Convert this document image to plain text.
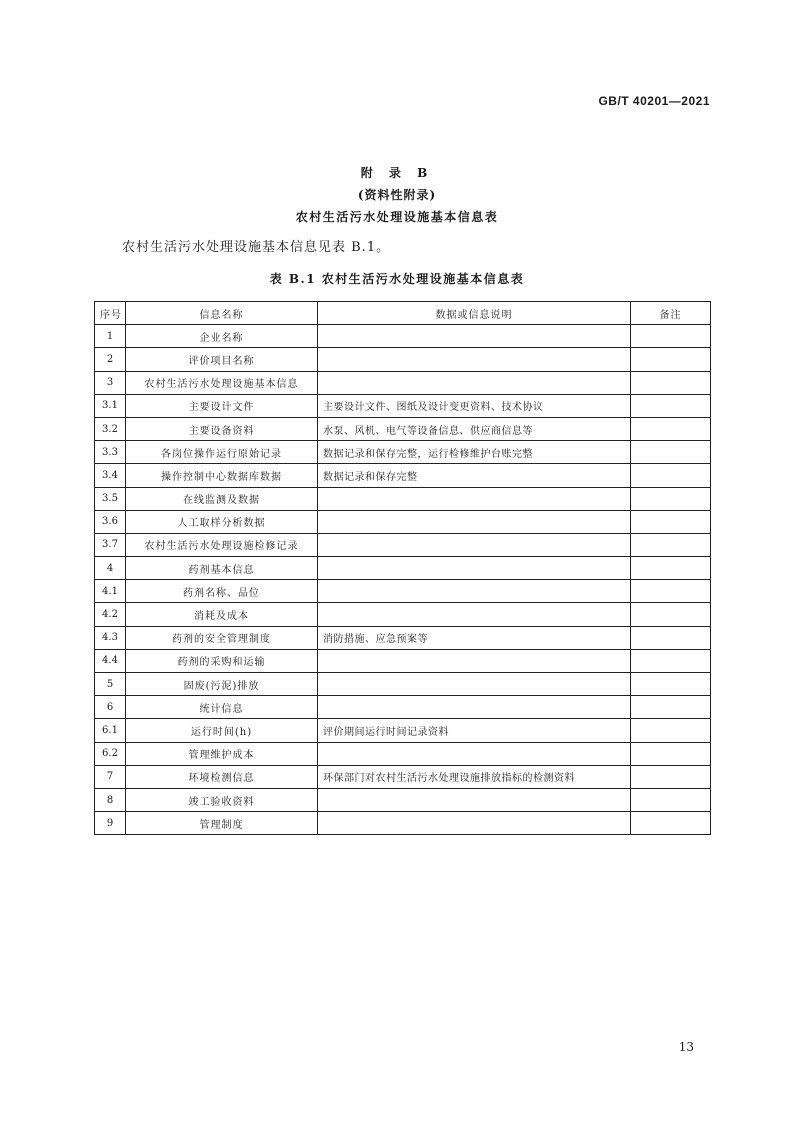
GB/T 40201—2021
附 录 B
(资料性附录)
农村生活污水处理设施基本信息表
农村生活污水处理设施基本信息见表 B.1。
表 B.1 农村生活污水处理设施基本信息表
序号	信息名称	数据或信息说明	备注
1	企业名称		
2	评价项目名称		
3	农村生活污水处理设施基本信息		
3.1	主要设计文件	主要设计文件、图纸及设计变更资料、技术协议	
3.2	主要设备资料	水泵、风机、电气等设备信息、供应商信息等	
3.3	各岗位操作运行原始记录	数据记录和保存完整，运行检修维护台账完整	
3.4	操作控制中心数据库数据	数据记录和保存完整	
3.5	在线监测及数据		
3.6	人工取样分析数据		
3.7	农村生活污水处理设施检修记录		
4	药剂基本信息		
4.1	药剂名称、品位		
4.2	消耗及成本		
4.3	药剂的安全管理制度	消防措施、应急预案等	
4.4	药剂的采购和运输		
5	固废(污泥)排放		
6	统计信息		
6.1	运行时间(h)	评价期间运行时间记录资料	
6.2	管理维护成本		
7	环境检测信息	环保部门对农村生活污水处理设施排放指标的检测资料	
8	竣工验收资料		
9	管理制度		
13
